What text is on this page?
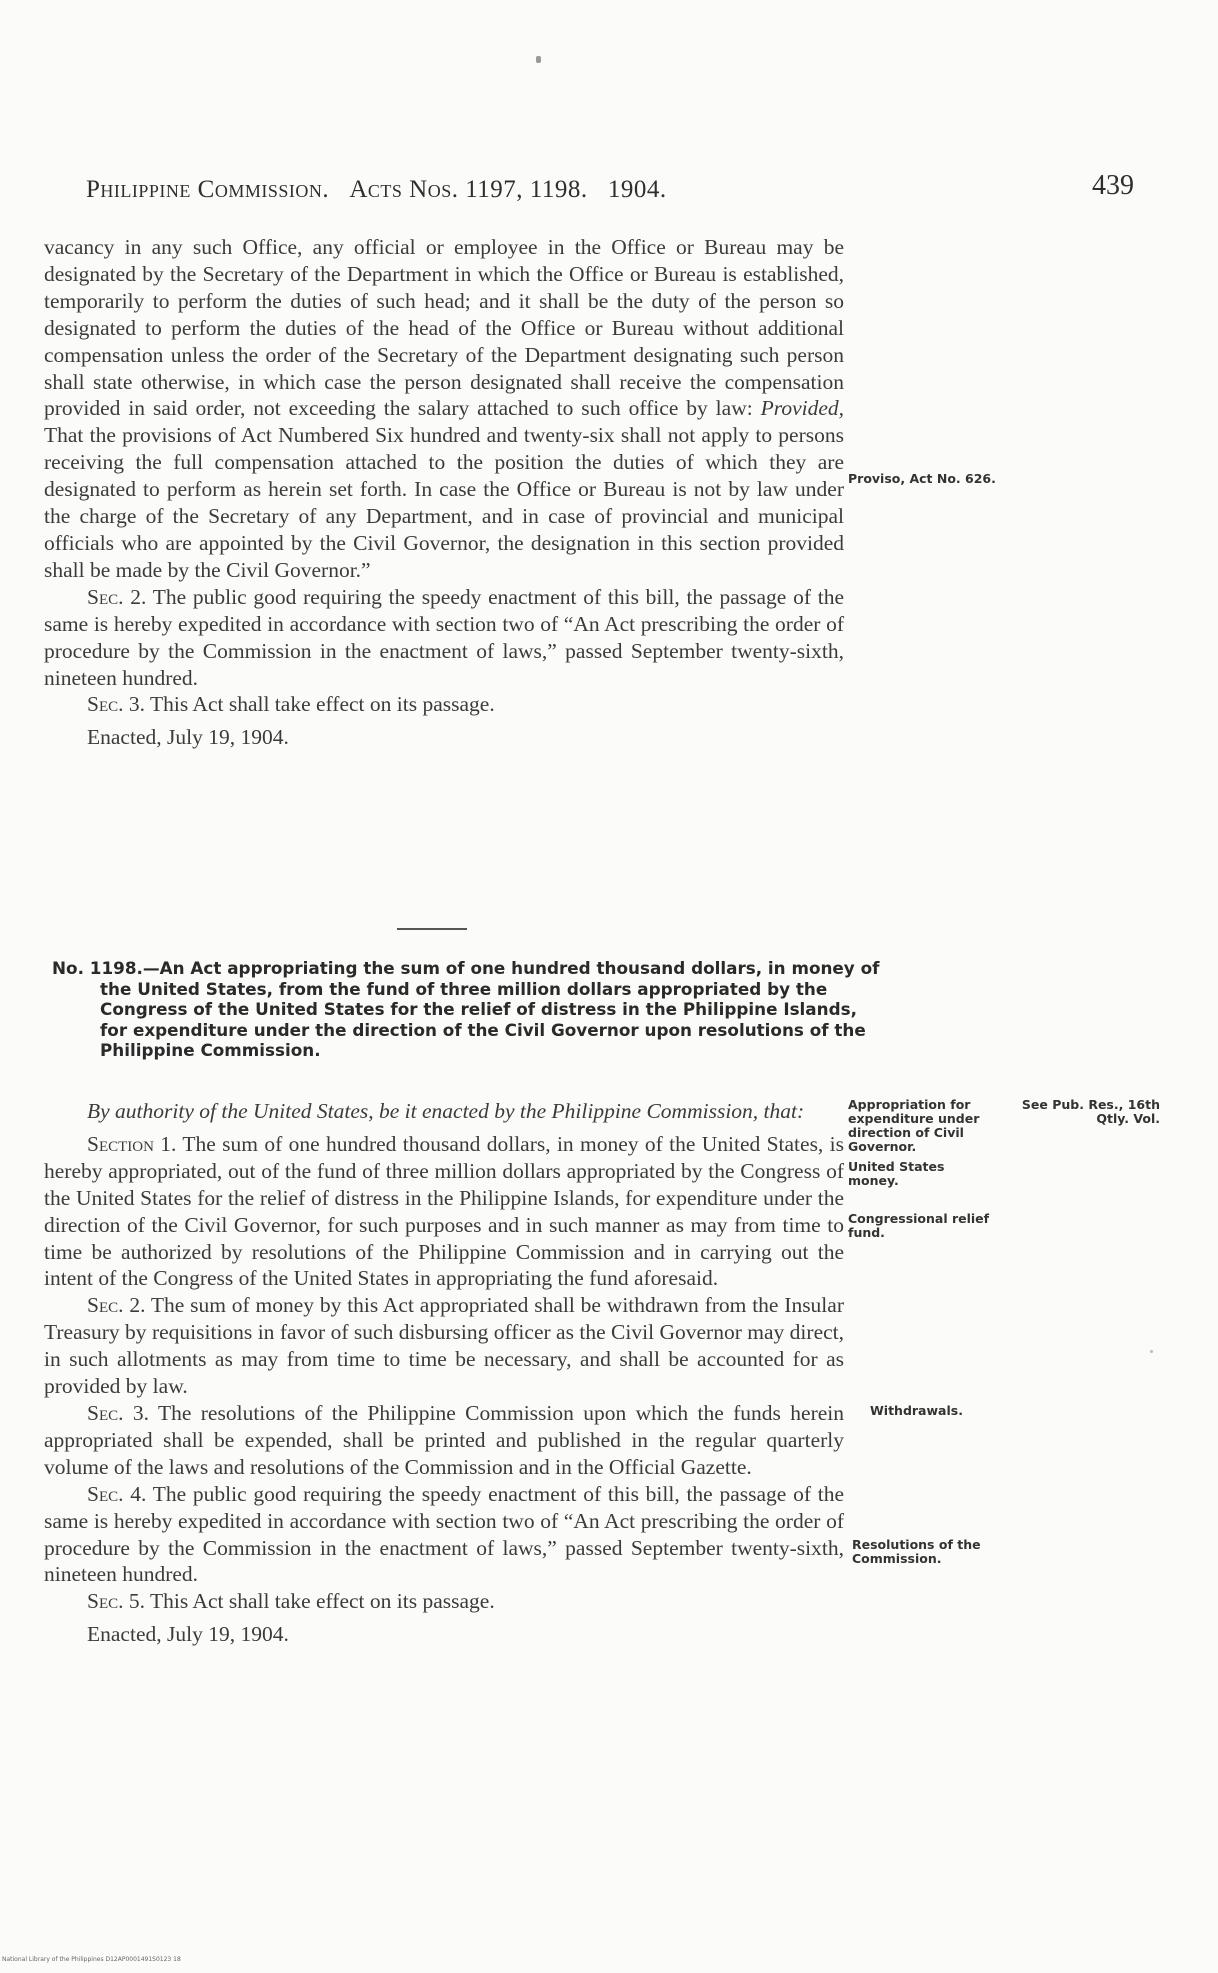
Philippine Commission. Acts Nos. 1197, 1198. 1904.	439

vacancy in any such Office, any official or employee in the Office or Bureau may be designated by the Secretary of the Department in which the Office or Bureau is established, temporarily to perform the duties of such head; and it shall be the duty of the person so designated to perform the duties of the head of the Office or Bureau without additional compensation unless the order of the Secretary of the Department designating such person shall state otherwise, in which case the person designated shall receive the compensation provided in said order, not exceeding the salary attached to such office by law: Provided, That the provisions of Act Numbered Six hundred and twenty-six shall not apply to persons receiving the full compensation attached to the position the duties of which they are designated to perform as herein set forth. In case the Office or Bureau is not by law under the charge of the Secretary of any Department, and in case of provincial and municipal officials who are appointed by the Civil Governor, the designation in this section provided shall be made by the Civil Governor.”

Sec. 2. The public good requiring the speedy enactment of this bill, the passage of the same is hereby expedited in accordance with section two of “An Act prescribing the order of procedure by the Commission in the enactment of laws,” passed September twenty-sixth, nineteen hundred.

Sec. 3. This Act shall take effect on its passage.

Enacted, July 19, 1904.

No. 1198.—An Act appropriating the sum of one hundred thousand dollars, in money of the United States, from the fund of three million dollars appropriated by the Congress of the United States for the relief of distress in the Philippine Islands, for expenditure under the direction of the Civil Governor upon resolutions of the Philippine Commission.

By authority of the United States, be it enacted by the Philippine Commission, that:

Section 1. The sum of one hundred thousand dollars, in money of the United States, is hereby appropriated, out of the fund of three million dollars appropriated by the Congress of the United States for the relief of distress in the Philippine Islands, for expenditure under the direction of the Civil Governor, for such purposes and in such manner as may from time to time be authorized by resolutions of the Philippine Commission and in carrying out the intent of the Congress of the United States in appropriating the fund aforesaid.

Sec. 2. The sum of money by this Act appropriated shall be withdrawn from the Insular Treasury by requisitions in favor of such disbursing officer as the Civil Governor may direct, in such allotments as may from time to time be necessary, and shall be accounted for as provided by law.

Sec. 3. The resolutions of the Philippine Commission upon which the funds herein appropriated shall be expended, shall be printed and published in the regular quarterly volume of the laws and resolutions of the Commission and in the Official Gazette.

Sec. 4. The public good requiring the speedy enactment of this bill, the passage of the same is hereby expedited in accordance with section two of “An Act prescribing the order of procedure by the Commission in the enactment of laws,” passed September twenty-sixth, nineteen hundred.

Sec. 5. This Act shall take effect on its passage.

Enacted, July 19, 1904.

Proviso, Act No. 626.
Appropriation for expenditure under direction of Civil Governor.
See Pub. Res., 16th Qtly. Vol.
United States money.
Congressional relief fund.
Withdrawals.
Resolutions of the Commission.
National Library of the Philippines D12AP0001491S0123 18
